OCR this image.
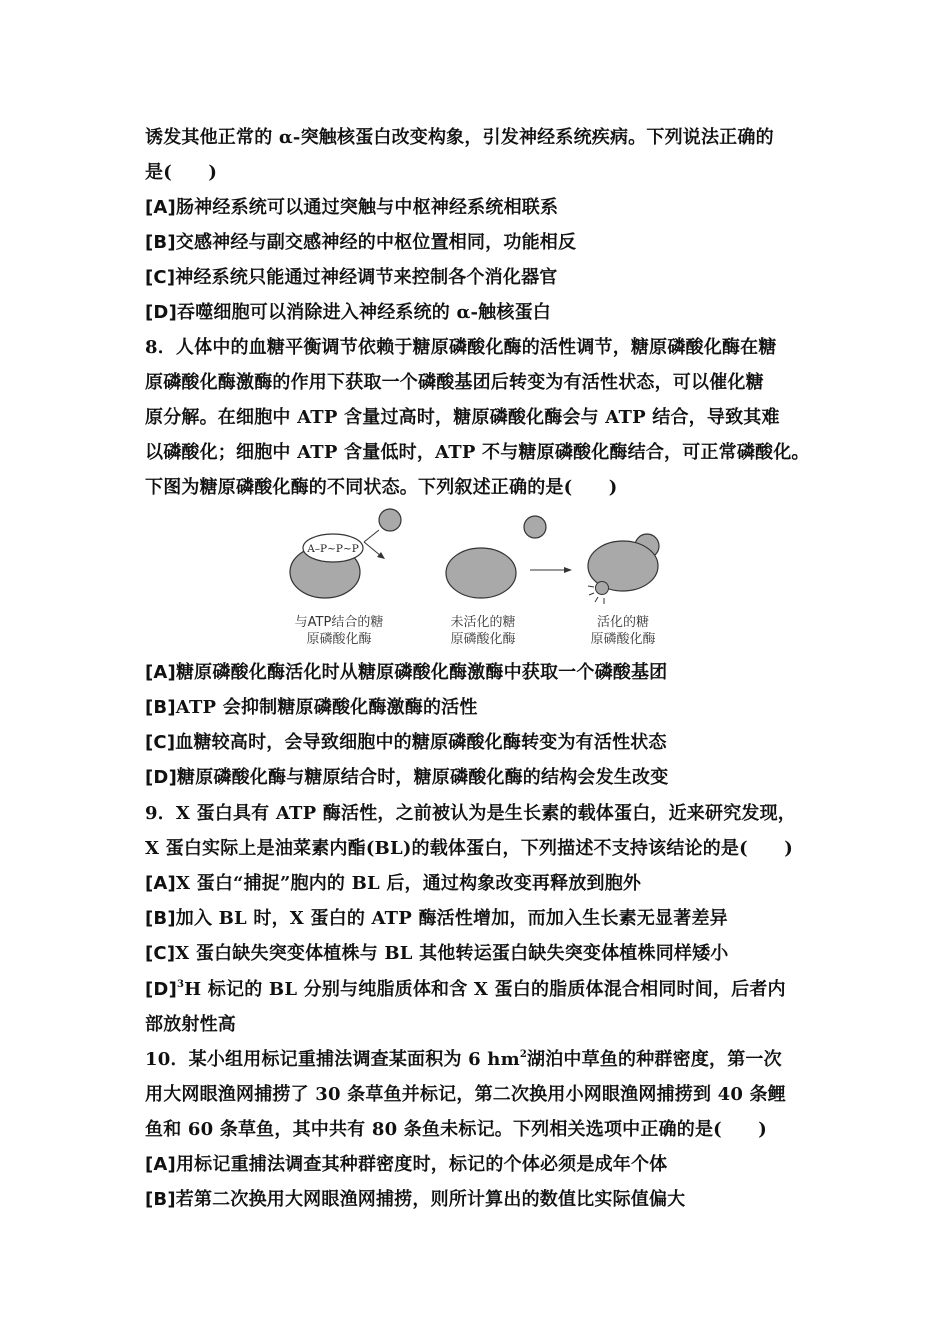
诱发其他正常的 α-突触核蛋白改变构象，引发神经系统疾病。下列说法正确的
是(　　)
[A]肠神经系统可以通过突触与中枢神经系统相联系
[B]交感神经与副交感神经的中枢位置相同，功能相反
[C]神经系统只能通过神经调节来控制各个消化器官
[D]吞噬细胞可以消除进入神经系统的 α-触核蛋白
8．人体中的血糖平衡调节依赖于糖原磷酸化酶的活性调节，糖原磷酸化酶在糖
原磷酸化酶激酶的作用下获取一个磷酸基团后转变为有活性状态，可以催化糖
原分解。在细胞中 ATP 含量过高时，糖原磷酸化酶会与 ATP 结合，导致其难
以磷酸化；细胞中 ATP 含量低时，ATP 不与糖原磷酸化酶结合，可正常磷酸化。
下图为糖原磷酸化酶的不同状态。下列叙述正确的是(　　)
A–P~P~P
与ATP结合的糖
原磷酸化酶
未活化的糖
原磷酸化酶
活化的糖
原磷酸化酶
[A]糖原磷酸化酶活化时从糖原磷酸化酶激酶中获取一个磷酸基团
[B]ATP 会抑制糖原磷酸化酶激酶的活性
[C]血糖较高时，会导致细胞中的糖原磷酸化酶转变为有活性状态
[D]糖原磷酸化酶与糖原结合时，糖原磷酸化酶的结构会发生改变
9．X 蛋白具有 ATP 酶活性，之前被认为是生长素的载体蛋白，近来研究发现，
X 蛋白实际上是油菜素内酯(BL)的载体蛋白，下列描述不支持该结论的是(　　)
[A]X 蛋白“捕捉”胞内的 BL 后，通过构象改变再释放到胞外
[B]加入 BL 时，X 蛋白的 ATP 酶活性增加，而加入生长素无显著差异
[C]X 蛋白缺失突变体植株与 BL 其他转运蛋白缺失突变体植株同样矮小
$[D]^3H$ 标记的 BL 分别与纯脂质体和含 X 蛋白的脂质体混合相同时间，后者内
部放射性高
10．某小组用标记重捕法调查某面积为 6 $hm^2$湖泊中草鱼的种群密度，第一次
用大网眼渔网捕捞了 30 条草鱼并标记，第二次换用小网眼渔网捕捞到 40 条鲤
鱼和 60 条草鱼，其中共有 80 条鱼未标记。下列相关选项中正确的是(　　)
[A]用标记重捕法调查其种群密度时，标记的个体必须是成年个体
[B]若第二次换用大网眼渔网捕捞，则所计算出的数值比实际值偏大
